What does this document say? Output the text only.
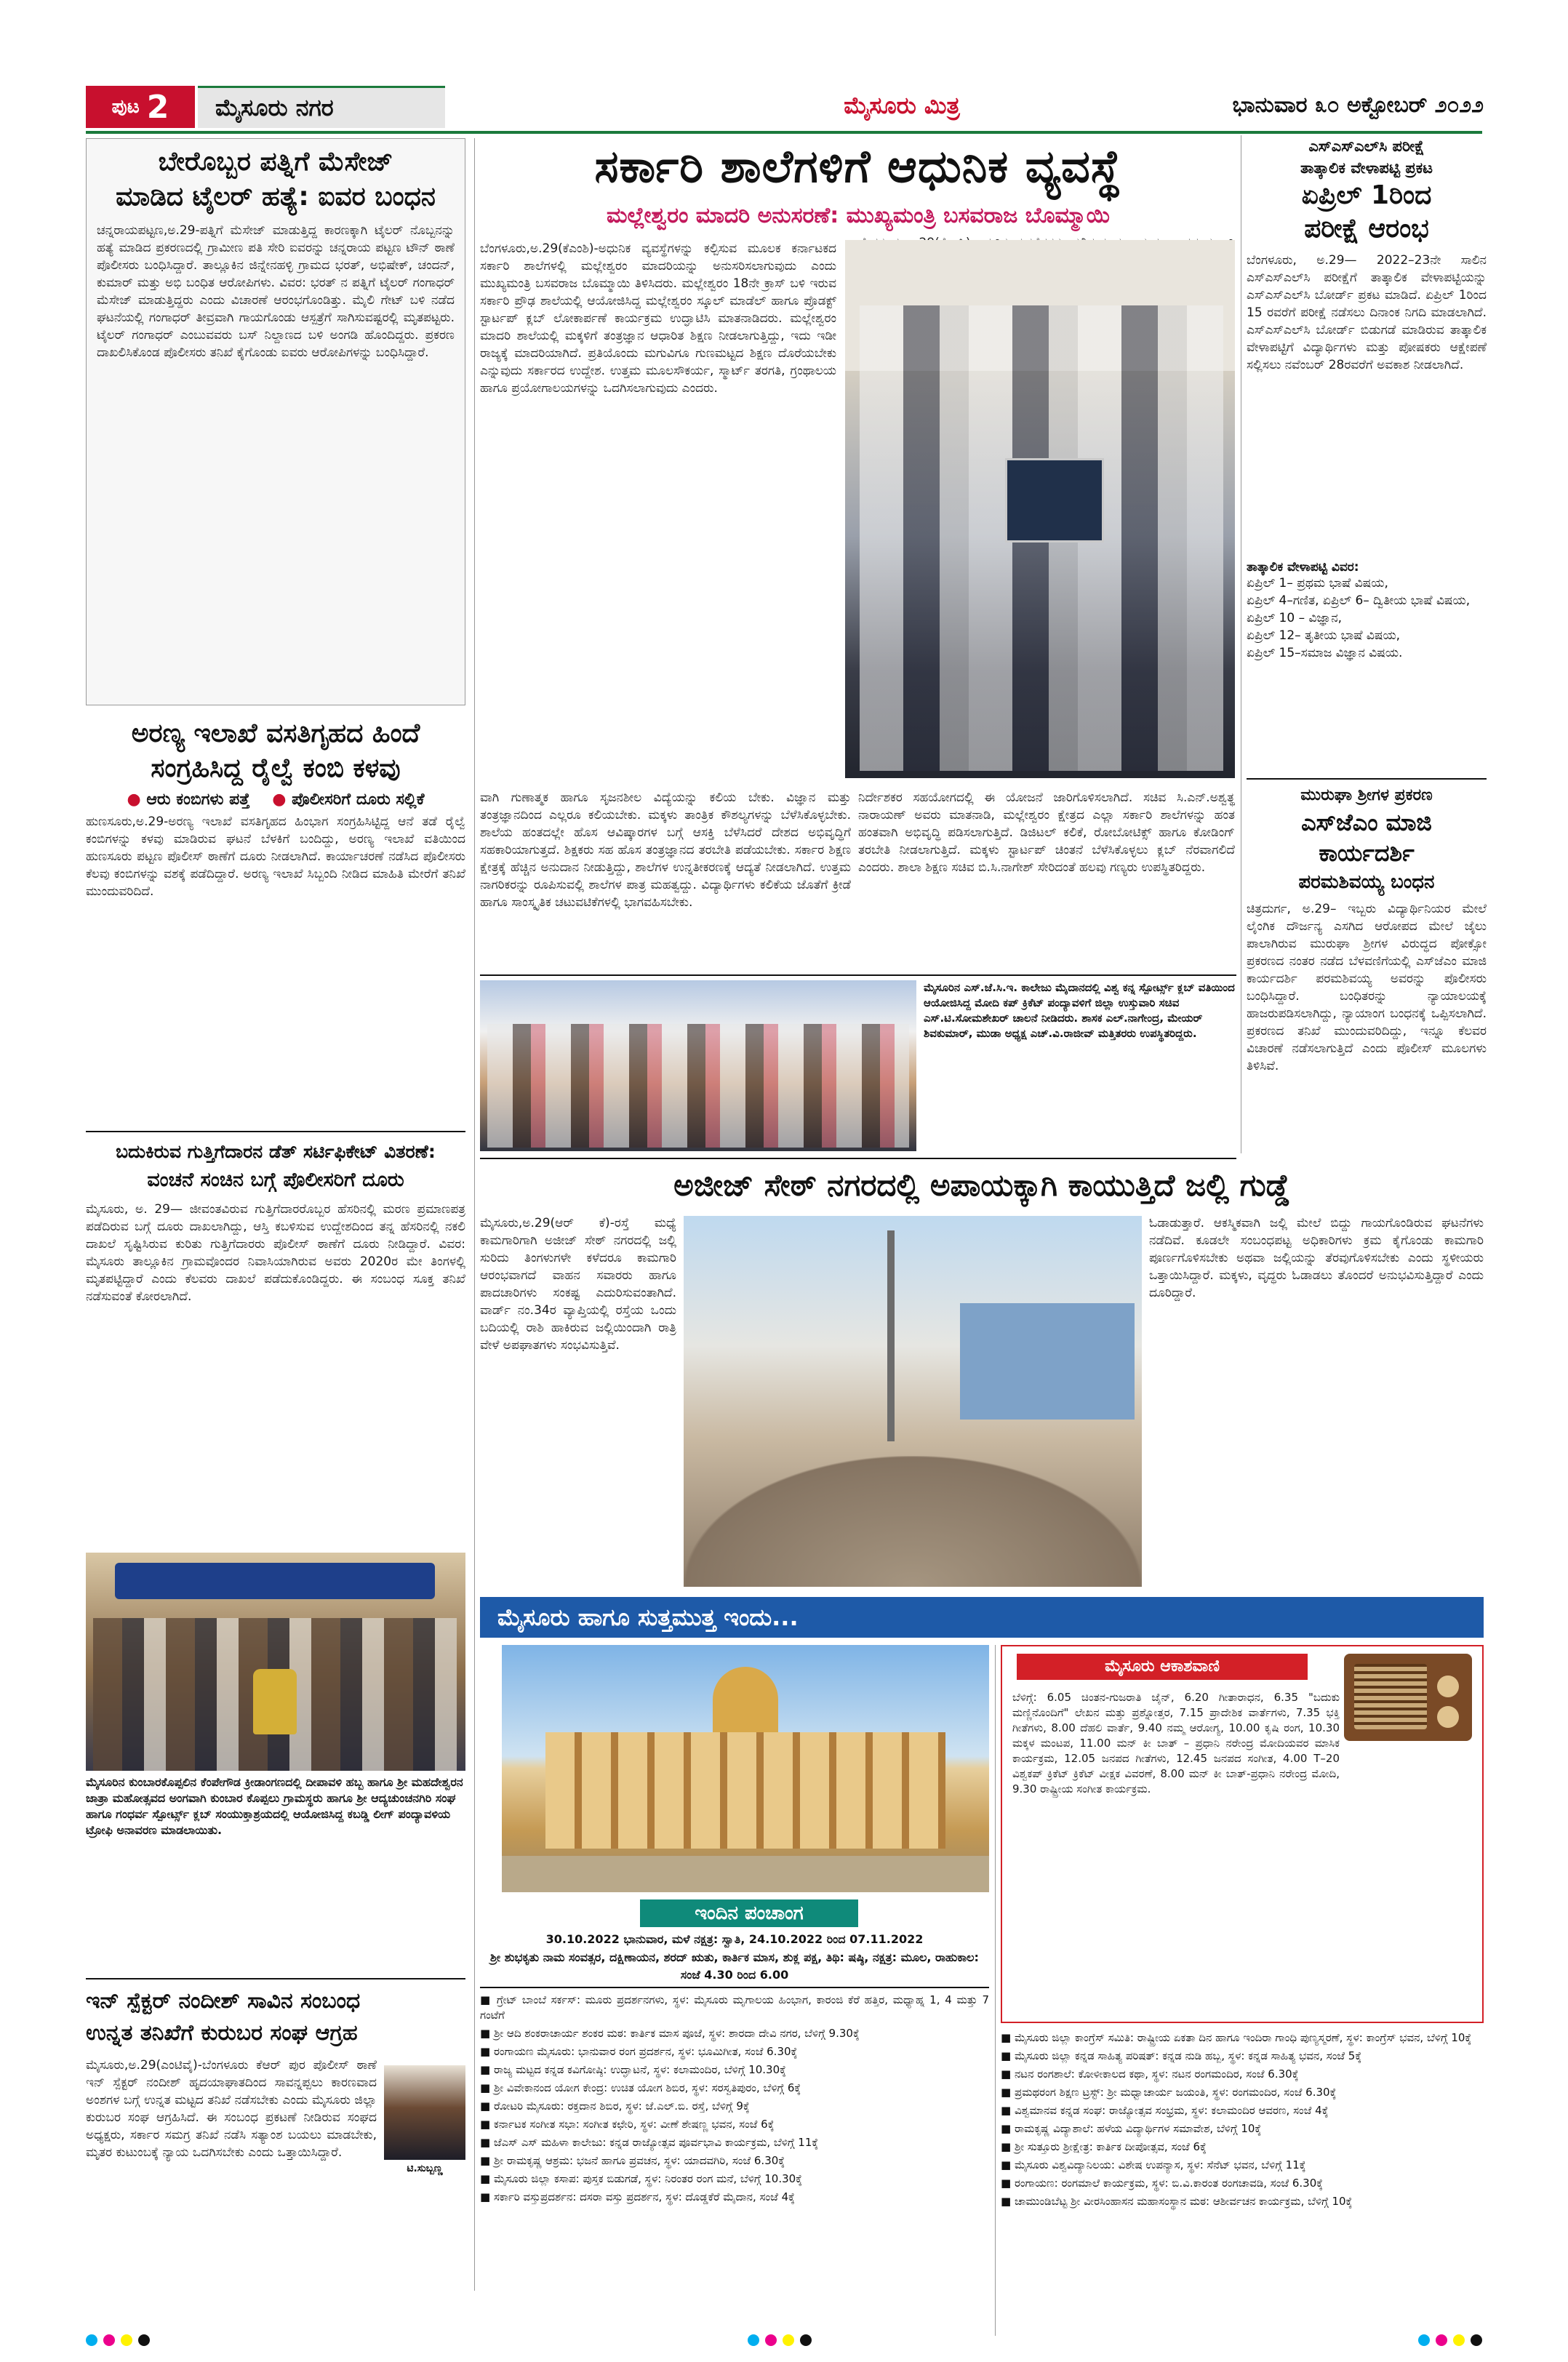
ಪುಟ 2	ಮೈಸೂರು ನಗರ	ಮೈಸೂರು ಮಿತ್ರ	ಭಾನುವಾರ ೩೦ ಅಕ್ಟೋಬರ್ ೨೦೨೨
ಬೇರೊಬ್ಬರ ಪತ್ನಿಗೆ ಮೆಸೇಜ್
ಮಾಡಿದ ಟೈಲರ್ ಹತ್ಯೆ: ಐವರ ಬಂಧನ
ಚನ್ನರಾಯಪಟ್ಟಣ,ಅ.29-ಪತ್ನಿಗೆ ಮೆಸೇಜ್ ಮಾಡುತ್ತಿದ್ದ ಕಾರಣಕ್ಕಾಗಿ ಟೈಲರ್ ನೊಬ್ಬನನ್ನು ಹತ್ಯೆ ಮಾಡಿದ ಪ್ರಕರಣದಲ್ಲಿ ಗ್ರಾಮೀಣ ಪತಿ ಸೇರಿ ಐವರನ್ನು ಚನ್ನರಾಯ ಪಟ್ಟಣ ಟೌನ್ ಠಾಣೆ ಪೊಲೀಸರು ಬಂಧಿಸಿದ್ದಾರೆ. ತಾಲ್ಲೂಕಿನ ಜಿನ್ನೇನಹಳ್ಳಿ ಗ್ರಾಮದ ಭರತ್, ಅಭಿಷೇಕ್, ಚಂದನ್, ಕುಮಾರ್ ಮತ್ತು ಅಭಿ ಬಂಧಿತ ಆರೋಪಿಗಳು. ವಿವರ: ಭರತ್ ನ ಪತ್ನಿಗೆ ಟೈಲರ್ ಗಂಗಾಧರ್ ಮೆಸೇಜ್ ಮಾಡುತ್ತಿದ್ದರು ಎಂದು ವಿಚಾರಣೆ ಆರಂಭಗೊಂಡಿತ್ತು. ಮೈಲಿ ಗೇಟ್ ಬಳಿ ನಡೆದ ಘಟನೆಯಲ್ಲಿ ಗಂಗಾಧರ್ ತೀವ್ರವಾಗಿ ಗಾಯಗೊಂಡು ಆಸ್ಪತ್ರೆಗೆ ಸಾಗಿಸುವಷ್ಟರಲ್ಲಿ ಮೃತಪಟ್ಟರು. ಟೈಲರ್ ಗಂಗಾಧರ್ ಎಂಬುವವರು ಬಸ್ ನಿಲ್ದಾಣದ ಬಳಿ ಅಂಗಡಿ ಹೊಂದಿದ್ದರು. ಪ್ರಕರಣ ದಾಖಲಿಸಿಕೊಂಡ ಪೊಲೀಸರು ತನಿಖೆ ಕೈಗೊಂಡು ಐವರು ಆರೋಪಿಗಳನ್ನು ಬಂಧಿಸಿದ್ದಾರೆ.
ಅರಣ್ಯ ಇಲಾಖೆ ವಸತಿಗೃಹದ ಹಿಂದೆ
ಸಂಗ್ರಹಿಸಿದ್ದ ರೈಲ್ವೆ ಕಂಬಿ ಕಳವು
● ಆರು ಕಂಬಿಗಳು ಪತ್ತೆ ● ಪೊಲೀಸರಿಗೆ ದೂರು ಸಲ್ಲಿಕೆ
ಹುಣಸೂರು,ಅ.29-ಅರಣ್ಯ ಇಲಾಖೆ ವಸತಿಗೃಹದ ಹಿಂಭಾಗ ಸಂಗ್ರಹಿಸಿಟ್ಟಿದ್ದ ಆನೆ ತಡೆ ರೈಲ್ವೆ ಕಂಬಿಗಳನ್ನು ಕಳವು ಮಾಡಿರುವ ಘಟನೆ ಬೆಳಕಿಗೆ ಬಂದಿದ್ದು, ಅರಣ್ಯ ಇಲಾಖೆ ವತಿಯಿಂದ ಹುಣಸೂರು ಪಟ್ಟಣ ಪೊಲೀಸ್ ಠಾಣೆಗೆ ದೂರು ನೀಡಲಾಗಿದೆ. ಕಾರ್ಯಾಚರಣೆ ನಡೆಸಿದ ಪೊಲೀಸರು ಕೆಲವು ಕಂಬಿಗಳನ್ನು ವಶಕ್ಕೆ ಪಡೆದಿದ್ದಾರೆ. ಅರಣ್ಯ ಇಲಾಖೆ ಸಿಬ್ಬಂದಿ ನೀಡಿದ ಮಾಹಿತಿ ಮೇರೆಗೆ ತನಿಖೆ ಮುಂದುವರಿದಿದೆ.
ಬದುಕಿರುವ ಗುತ್ತಿಗೆದಾರನ ಡೆತ್ ಸರ್ಟಿಫಿಕೇಟ್ ವಿತರಣೆ:
ವಂಚನೆ ಸಂಚಿನ ಬಗ್ಗೆ ಪೊಲೀಸರಿಗೆ ದೂರು
ಮೈಸೂರು, ಅ. 29— ಜೀವಂತವಿರುವ ಗುತ್ತಿಗೆದಾರರೊಬ್ಬರ ಹೆಸರಿನಲ್ಲಿ ಮರಣ ಪ್ರಮಾಣಪತ್ರ ಪಡೆದಿರುವ ಬಗ್ಗೆ ದೂರು ದಾಖಲಾಗಿದ್ದು, ಆಸ್ತಿ ಕಬಳಿಸುವ ಉದ್ದೇಶದಿಂದ ತನ್ನ ಹೆಸರಿನಲ್ಲಿ ನಕಲಿ ದಾಖಲೆ ಸೃಷ್ಟಿಸಿರುವ ಕುರಿತು ಗುತ್ತಿಗೆದಾರರು ಪೊಲೀಸ್ ಠಾಣೆಗೆ ದೂರು ನೀಡಿದ್ದಾರೆ. ವಿವರ: ಮೈಸೂರು ತಾಲ್ಲೂಕಿನ ಗ್ರಾಮವೊಂದರ ನಿವಾಸಿಯಾಗಿರುವ ಅವರು 2020ರ ಮೇ ತಿಂಗಳಲ್ಲಿ ಮೃತಪಟ್ಟಿದ್ದಾರೆ ಎಂದು ಕೆಲವರು ದಾಖಲೆ ಪಡೆದುಕೊಂಡಿದ್ದರು. ಈ ಸಂಬಂಧ ಸೂಕ್ತ ತನಿಖೆ ನಡೆಸುವಂತೆ ಕೋರಲಾಗಿದೆ.
ಮೈಸೂರಿನ ಕುಂಬಾರಕೊಪ್ಪಲಿನ ಕೆಂಪೇಗೌಡ ಕ್ರೀಡಾಂಗಣದಲ್ಲಿ ದೀಪಾವಳಿ ಹಬ್ಬ ಹಾಗೂ ಶ್ರೀ ಮಹದೇಶ್ವರನ ಜಾತ್ರಾ ಮಹೋತ್ಸವದ ಅಂಗವಾಗಿ ಕುಂಬಾರ ಕೊಪ್ಪಲು ಗ್ರಾಮಸ್ಥರು ಹಾಗೂ ಶ್ರೀ ಆದ್ಯಚುಂಚನಗಿರಿ ಸಂಘ ಹಾಗೂ ಗಂಧರ್ವ ಸ್ಪೋರ್ಟ್ಸ್ ಕ್ಲಬ್ ಸಂಯುಕ್ತಾಶ್ರಯದಲ್ಲಿ ಆಯೋಜಿಸಿದ್ದ ಕಬಡ್ಡಿ ಲೀಗ್ ಪಂದ್ಯಾವಳಿಯ ಟ್ರೋಫಿ ಅನಾವರಣ ಮಾಡಲಾಯಿತು.
ಇನ್ ಸ್ಪೆಕ್ಟರ್ ನಂದೀಶ್ ಸಾವಿನ ಸಂಬಂಧ
ಉನ್ನತ ತನಿಖೆಗೆ ಕುರುಬರ ಸಂಘ ಆಗ್ರಹ
ಮೈಸೂರು,ಅ.29(ಎಂಟಿವೈ)-ಬೆಂಗಳೂರು ಕೆಆರ್ ಪುರ ಪೊಲೀಸ್ ಠಾಣೆ ಇನ್ ಸ್ಪೆಕ್ಟರ್ ನಂದೀಶ್ ಹೃದಯಾಘಾತದಿಂದ ಸಾವನ್ನಪ್ಪಲು ಕಾರಣವಾದ ಅಂಶಗಳ ಬಗ್ಗೆ ಉನ್ನತ ಮಟ್ಟದ ತನಿಖೆ ನಡೆಸಬೇಕು ಎಂದು ಮೈಸೂರು ಜಿಲ್ಲಾ ಕುರುಬರ ಸಂಘ ಆಗ್ರಹಿಸಿದೆ. ಈ ಸಂಬಂಧ ಪ್ರಕಟಣೆ ನೀಡಿರುವ ಸಂಘದ ಅಧ್ಯಕ್ಷರು, ಸರ್ಕಾರ ಸಮಗ್ರ ತನಿಖೆ ನಡೆಸಿ ಸತ್ಯಾಂಶ ಬಯಲು ಮಾಡಬೇಕು, ಮೃತರ ಕುಟುಂಬಕ್ಕೆ ನ್ಯಾಯ ಒದಗಿಸಬೇಕು ಎಂದು ಒತ್ತಾಯಿಸಿದ್ದಾರೆ.
ಟಿ.ಸುಬ್ಬಣ್ಣ
ಸರ್ಕಾರಿ ಶಾಲೆಗಳಿಗೆ ಆಧುನಿಕ ವ್ಯವಸ್ಥೆ
ಮಲ್ಲೇಶ್ವರಂ ಮಾದರಿ ಅನುಸರಣೆ: ಮುಖ್ಯಮಂತ್ರಿ ಬಸವರಾಜ ಬೊಮ್ಮಾಯಿ
ವಾಗಿ ಗುಣಾತ್ಮಕ ಹಾಗೂ ಸೃಜನಶೀಲ ವಿದ್ಯೆಯನ್ನು ಕಲಿಯ ಬೇಕು. ವಿಜ್ಞಾನ ಮತ್ತು ತಂತ್ರಜ್ಞಾನದಿಂದ ಎಲ್ಲರೂ ಕಲಿಯಬೇಕು. ಮಕ್ಕಳು ತಾಂತ್ರಿಕ ಕೌಶಲ್ಯಗಳನ್ನು ಬೆಳೆಸಿಕೊಳ್ಳಬೇಕು. ಶಾಲೆಯ ಹಂತದಲ್ಲೇ ಹೊಸ ಆವಿಷ್ಕಾರಗಳ ಬಗ್ಗೆ ಆಸಕ್ತಿ ಬೆಳೆಸಿದರೆ ದೇಶದ ಅಭಿವೃದ್ಧಿಗೆ ಸಹಕಾರಿಯಾಗುತ್ತದೆ. ಶಿಕ್ಷಕರು ಸಹ ಹೊಸ ತಂತ್ರಜ್ಞಾನದ ತರಬೇತಿ ಪಡೆಯಬೇಕು. ಸರ್ಕಾರ ಶಿಕ್ಷಣ ಕ್ಷೇತ್ರಕ್ಕೆ ಹೆಚ್ಚಿನ ಅನುದಾನ ನೀಡುತ್ತಿದ್ದು, ಶಾಲೆಗಳ ಉನ್ನತೀಕರಣಕ್ಕೆ ಆದ್ಯತೆ ನೀಡಲಾಗಿದೆ. ಉತ್ತಮ ನಾಗರಿಕರನ್ನು ರೂಪಿಸುವಲ್ಲಿ ಶಾಲೆಗಳ ಪಾತ್ರ ಮಹತ್ವದ್ದು. ವಿದ್ಯಾರ್ಥಿಗಳು ಕಲಿಕೆಯ ಜೊತೆಗೆ ಕ್ರೀಡೆ ಹಾಗೂ ಸಾಂಸ್ಕೃತಿಕ ಚಟುವಟಿಕೆಗಳಲ್ಲಿ ಭಾಗವಹಿಸಬೇಕು.
ನಿರ್ದೇಶಕರ ಸಹಯೋಗದಲ್ಲಿ ಈ ಯೋಜನೆ ಜಾರಿಗೊಳಿಸಲಾಗಿದೆ. ಸಚಿವ ಸಿ.ಎನ್.ಅಶ್ವತ್ಥ ನಾರಾಯಣ್ ಅವರು ಮಾತನಾಡಿ, ಮಲ್ಲೇಶ್ವರಂ ಕ್ಷೇತ್ರದ ಎಲ್ಲಾ ಸರ್ಕಾರಿ ಶಾಲೆಗಳನ್ನು ಹಂತ ಹಂತವಾಗಿ ಅಭಿವೃದ್ಧಿ ಪಡಿಸಲಾಗುತ್ತಿದೆ. ಡಿಜಿಟಲ್ ಕಲಿಕೆ, ರೋಬೋಟಿಕ್ಸ್ ಹಾಗೂ ಕೋಡಿಂಗ್ ತರಬೇತಿ ನೀಡಲಾಗುತ್ತಿದೆ. ಮಕ್ಕಳು ಸ್ಟಾರ್ಟಪ್ ಚಿಂತನೆ ಬೆಳೆಸಿಕೊಳ್ಳಲು ಕ್ಲಬ್ ನೆರವಾಗಲಿದೆ ಎಂದರು. ಶಾಲಾ ಶಿಕ್ಷಣ ಸಚಿವ ಬಿ.ಸಿ.ನಾಗೇಶ್ ಸೇರಿದಂತೆ ಹಲವು ಗಣ್ಯರು ಉಪಸ್ಥಿತರಿದ್ದರು.
ಬೆಂಗಳೂರು,ಅ.29(ಕೆಎಂಶಿ)-ಅಧುನಿಕ ವ್ಯವಸ್ಥೆಗಳನ್ನು ಕಲ್ಪಿಸುವ ಮೂಲಕ ಕರ್ನಾಟಕದ ಸರ್ಕಾರಿ ಶಾಲೆಗಳಲ್ಲಿ ಮಲ್ಲೇಶ್ವರಂ ಮಾದರಿಯನ್ನು ಅನುಸರಿಸಲಾಗುವುದು ಎಂದು ಮುಖ್ಯಮಂತ್ರಿ ಬಸವರಾಜ ಬೊಮ್ಮಾಯಿ ತಿಳಿಸಿದರು. ಮಲ್ಲೇಶ್ವರಂ 18ನೇ ಕ್ರಾಸ್ ಬಳಿ ಇರುವ ಸರ್ಕಾರಿ ಪ್ರೌಢ ಶಾಲೆಯಲ್ಲಿ ಆಯೋಜಿಸಿದ್ದ ಮಲ್ಲೇಶ್ವರಂ ಸ್ಕೂಲ್ ಮಾಡೆಲ್ ಹಾಗೂ ಪ್ರೊಡಕ್ಟ್ ಸ್ಟಾರ್ಟಪ್ ಕ್ಲಬ್ ಲೋಕಾರ್ಪಣೆ ಕಾರ್ಯಕ್ರಮ ಉದ್ಘಾಟಿಸಿ ಮಾತನಾಡಿದರು. ಮಲ್ಲೇಶ್ವರಂ ಮಾದರಿ ಶಾಲೆಯಲ್ಲಿ ಮಕ್ಕಳಿಗೆ ತಂತ್ರಜ್ಞಾನ ಆಧಾರಿತ ಶಿಕ್ಷಣ ನೀಡಲಾಗುತ್ತಿದ್ದು, ಇದು ಇಡೀ ರಾಜ್ಯಕ್ಕೆ ಮಾದರಿಯಾಗಿದೆ. ಪ್ರತಿಯೊಂದು ಮಗುವಿಗೂ ಗುಣಮಟ್ಟದ ಶಿಕ್ಷಣ ದೊರೆಯಬೇಕು ಎನ್ನುವುದು ಸರ್ಕಾರದ ಉದ್ದೇಶ. ಉತ್ತಮ ಮೂಲಸೌಕರ್ಯ, ಸ್ಮಾರ್ಟ್ ತರಗತಿ, ಗ್ರಂಥಾಲಯ ಹಾಗೂ ಪ್ರಯೋಗಾಲಯಗಳನ್ನು ಒದಗಿಸಲಾಗುವುದು ಎಂದರು.
ಮೈಸೂರಿನ ಎಸ್.ಜೆ.ಸಿ.ಇ. ಕಾಲೇಜು ಮೈದಾನದಲ್ಲಿ ವಿಶ್ವ ಕನ್ನ ಸ್ಪೋರ್ಟ್ಸ್ ಕ್ಲಬ್ ವತಿಯಿಂದ ಆಯೋಜಿಸಿದ್ದ ಮೋದಿ ಕಪ್ ಕ್ರಿಕೆಟ್ ಪಂದ್ಯಾವಳಿಗೆ ಜಿಲ್ಲಾ ಉಸ್ತುವಾರಿ ಸಚಿವ ಎಸ್.ಟಿ.ಸೋಮಶೇಖರ್ ಚಾಲನೆ ನೀಡಿದರು. ಶಾಸಕ ಎಲ್.ನಾಗೇಂದ್ರ, ಮೇಯರ್ ಶಿವಕುಮಾರ್, ಮುಡಾ ಅಧ್ಯಕ್ಷ ಎಚ್.ವಿ.ರಾಜೀವ್ ಮತ್ತಿತರರು ಉಪಸ್ಥಿತರಿದ್ದರು.
ಅಜೀಜ್ ಸೇಠ್ ನಗರದಲ್ಲಿ ಅಪಾಯಕ್ಕಾಗಿ ಕಾಯುತ್ತಿದೆ ಜಲ್ಲಿ ಗುಡ್ಡೆ
ಮೈಸೂರು,ಅ.29(ಆರ್ ಕೆ)-ರಸ್ತೆ ಮಧ್ಯೆ ಕಾಮಗಾರಿಗಾಗಿ ಅಜೀಜ್ ಸೇಠ್ ನಗರದಲ್ಲಿ ಜಲ್ಲಿ ಸುರಿದು ತಿಂಗಳುಗಳೇ ಕಳೆದರೂ ಕಾಮಗಾರಿ ಆರಂಭವಾಗದೆ ವಾಹನ ಸವಾರರು ಹಾಗೂ ಪಾದಚಾರಿಗಳು ಸಂಕಷ್ಟ ಎದುರಿಸುವಂತಾಗಿದೆ. ವಾರ್ಡ್ ನಂ.34ರ ವ್ಯಾಪ್ತಿಯಲ್ಲಿ ರಸ್ತೆಯ ಒಂದು ಬದಿಯಲ್ಲಿ ರಾಶಿ ಹಾಕಿರುವ ಜಲ್ಲಿಯಿಂದಾಗಿ ರಾತ್ರಿ ವೇಳೆ ಅಪಘಾತಗಳು ಸಂಭವಿಸುತ್ತಿವೆ.
ಓಡಾಡುತ್ತಾರೆ. ಆಕಸ್ಮಿಕವಾಗಿ ಜಲ್ಲಿ ಮೇಲೆ ಬಿದ್ದು ಗಾಯಗೊಂಡಿರುವ ಘಟನೆಗಳು ನಡೆದಿವೆ. ಕೂಡಲೇ ಸಂಬಂಧಪಟ್ಟ ಅಧಿಕಾರಿಗಳು ಕ್ರಮ ಕೈಗೊಂಡು ಕಾಮಗಾರಿ ಪೂರ್ಣಗೊಳಿಸಬೇಕು ಅಥವಾ ಜಲ್ಲಿಯನ್ನು ತೆರವುಗೊಳಿಸಬೇಕು ಎಂದು ಸ್ಥಳೀಯರು ಒತ್ತಾಯಿಸಿದ್ದಾರೆ. ಮಕ್ಕಳು, ವೃದ್ಧರು ಓಡಾಡಲು ತೊಂದರೆ ಅನುಭವಿಸುತ್ತಿದ್ದಾರೆ ಎಂದು ದೂರಿದ್ದಾರೆ.
ಎಸ್ಎಸ್ಎಲ್‌ಸಿ ಪರೀಕ್ಷೆ
ತಾತ್ಕಾಲಿಕ ವೇಳಾಪಟ್ಟಿ ಪ್ರಕಟ
ಏಪ್ರಿಲ್ 1ರಿಂದ
ಪರೀಕ್ಷೆ ಆರಂಭ
ಬೆಂಗಳೂರು, ಅ.29— 2022–23ನೇ ಸಾಲಿನ ಎಸ್ಎಸ್ಎಲ್‌ಸಿ ಪರೀಕ್ಷೆಗೆ ತಾತ್ಕಾಲಿಕ ವೇಳಾಪಟ್ಟಿಯನ್ನು ಎಸ್ಎಸ್ಎಲ್‌ಸಿ ಬೋರ್ಡ್ ಪ್ರಕಟ ಮಾಡಿದೆ. ಏಪ್ರಿಲ್ 1ರಿಂದ 15 ರವರೆಗೆ ಪರೀಕ್ಷೆ ನಡೆಸಲು ದಿನಾಂಕ ನಿಗದಿ ಮಾಡಲಾಗಿದೆ. ಎಸ್ಎಸ್ಎಲ್‌ಸಿ ಬೋರ್ಡ್ ಬಿಡುಗಡೆ ಮಾಡಿರುವ ತಾತ್ಕಾಲಿಕ ವೇಳಾಪಟ್ಟಿಗೆ ವಿದ್ಯಾರ್ಥಿಗಳು ಮತ್ತು ಪೋಷಕರು ಆಕ್ಷೇಪಣೆ ಸಲ್ಲಿಸಲು ನವೆಂಬರ್ 28ರವರೆಗೆ ಅವಕಾಶ ನೀಡಲಾಗಿದೆ.
ತಾತ್ಕಾಲಿಕ ವೇಳಾಪಟ್ಟಿ ವಿವರ:
ಏಪ್ರಿಲ್ 1– ಪ್ರಥಮ ಭಾಷೆ ವಿಷಯ,
ಏಪ್ರಿಲ್ 4–ಗಣಿತ, ಏಪ್ರಿಲ್ 6– ದ್ವಿತೀಯ ಭಾಷೆ ವಿಷಯ,
ಏಪ್ರಿಲ್ 10 – ವಿಜ್ಞಾನ,
ಏಪ್ರಿಲ್ 12– ತೃತೀಯ ಭಾಷೆ ವಿಷಯ,
ಏಪ್ರಿಲ್ 15–ಸಮಾಜ ವಿಜ್ಞಾನ ವಿಷಯ.
ಮುರುಘಾ ಶ್ರೀಗಳ ಪ್ರಕರಣ
ಎಸ್‌ಜೆಎಂ ಮಾಜಿ
ಕಾರ್ಯದರ್ಶಿ
ಪರಮಶಿವಯ್ಯ ಬಂಧನ
ಚಿತ್ರದುರ್ಗ, ಅ.29– ಇಬ್ಬರು ವಿದ್ಯಾರ್ಥಿನಿಯರ ಮೇಲೆ ಲೈಂಗಿಕ ದೌರ್ಜನ್ಯ ಎಸಗಿದ ಆರೋಪದ ಮೇಲೆ ಜೈಲು ಪಾಲಾಗಿರುವ ಮುರುಘಾ ಶ್ರೀಗಳ ವಿರುದ್ಧದ ಪೋಕ್ಸೋ ಪ್ರಕರಣದ ನಂತರ ನಡೆದ ಬೆಳವಣಿಗೆಯಲ್ಲಿ ಎಸ್‌ಜೆಎಂ ಮಾಜಿ ಕಾರ್ಯದರ್ಶಿ ಪರಮಶಿವಯ್ಯ ಅವರನ್ನು ಪೊಲೀಸರು ಬಂಧಿಸಿದ್ದಾರೆ. ಬಂಧಿತರನ್ನು ನ್ಯಾಯಾಲಯಕ್ಕೆ ಹಾಜರುಪಡಿಸಲಾಗಿದ್ದು, ನ್ಯಾಯಾಂಗ ಬಂಧನಕ್ಕೆ ಒಪ್ಪಿಸಲಾಗಿದೆ. ಪ್ರಕರಣದ ತನಿಖೆ ಮುಂದುವರಿದಿದ್ದು, ಇನ್ನೂ ಕೆಲವರ ವಿಚಾರಣೆ ನಡೆಸಲಾಗುತ್ತಿದೆ ಎಂದು ಪೊಲೀಸ್ ಮೂಲಗಳು ತಿಳಿಸಿವೆ.
ಮೈಸೂರು ಹಾಗೂ ಸುತ್ತಮುತ್ತ ಇಂದು...
ಇಂದಿನ ಪಂಚಾಂಗ
30.10.2022 ಭಾನುವಾರ, ಮಳೆ ನಕ್ಷತ್ರ: ಸ್ವಾತಿ, 24.10.2022 ರಿಂದ 07.11.2022
ಶ್ರೀ ಶುಭಕೃತು ನಾಮ ಸಂವತ್ಸರ, ದಕ್ಷಿಣಾಯನ, ಶರದ್ ಋತು, ಕಾರ್ತಿಕ ಮಾಸ, ಶುಕ್ಲ ಪಕ್ಷ, ತಿಥಿ: ಷಷ್ಠಿ, ನಕ್ಷತ್ರ: ಮೂಲ, ರಾಹುಕಾಲ: ಸಂಜೆ 4.30 ರಿಂದ 6.00
■ ಗ್ರೇಟ್ ಬಾಂಬೆ ಸರ್ಕಸ್: ಮೂರು ಪ್ರದರ್ಶನಗಳು, ಸ್ಥಳ: ಮೈಸೂರು ಮೃಗಾಲಯ ಹಿಂಭಾಗ, ಕಾರಂಜಿ ಕೆರೆ ಹತ್ತಿರ, ಮಧ್ಯಾಹ್ನ 1, 4 ಮತ್ತು 7 ಗಂಟೆಗೆ
■ ಶ್ರೀ ಆದಿ ಶಂಕರಾಚಾರ್ಯ ಶಂಕರ ಮಠ: ಕಾರ್ತಿಕ ಮಾಸ ಪೂಜೆ, ಸ್ಥಳ: ಶಾರದಾ ದೇವಿ ನಗರ, ಬೆಳಿಗ್ಗೆ 9.30ಕ್ಕೆ
■ ರಂಗಾಯಣ ಮೈಸೂರು: ಭಾನುವಾರ ರಂಗ ಪ್ರದರ್ಶನ, ಸ್ಥಳ: ಭೂಮಿಗೀತ, ಸಂಜೆ 6.30ಕ್ಕೆ
■ ರಾಜ್ಯ ಮಟ್ಟದ ಕನ್ನಡ ಕವಿಗೋಷ್ಠಿ: ಉದ್ಘಾಟನೆ, ಸ್ಥಳ: ಕಲಾಮಂದಿರ, ಬೆಳಿಗ್ಗೆ 10.30ಕ್ಕೆ
■ ಶ್ರೀ ವಿವೇಕಾನಂದ ಯೋಗ ಕೇಂದ್ರ: ಉಚಿತ ಯೋಗ ಶಿಬಿರ, ಸ್ಥಳ: ಸರಸ್ವತಿಪುರಂ, ಬೆಳಿಗ್ಗೆ 6ಕ್ಕೆ
■ ರೋಟರಿ ಮೈಸೂರು: ರಕ್ತದಾನ ಶಿಬಿರ, ಸ್ಥಳ: ಜೆ.ಎಲ್.ಬಿ. ರಸ್ತೆ, ಬೆಳಿಗ್ಗೆ 9ಕ್ಕೆ
■ ಕರ್ನಾಟಕ ಸಂಗೀತ ಸಭಾ: ಸಂಗೀತ ಕಛೇರಿ, ಸ್ಥಳ: ವೀಣೆ ಶೇಷಣ್ಣ ಭವನ, ಸಂಜೆ 6ಕ್ಕೆ
■ ಜೆಎಸ್ ಎಸ್ ಮಹಿಳಾ ಕಾಲೇಜು: ಕನ್ನಡ ರಾಜ್ಯೋತ್ಸವ ಪೂರ್ವಭಾವಿ ಕಾರ್ಯಕ್ರಮ, ಬೆಳಿಗ್ಗೆ 11ಕ್ಕೆ
■ ಶ್ರೀ ರಾಮಕೃಷ್ಣ ಆಶ್ರಮ: ಭಜನೆ ಹಾಗೂ ಪ್ರವಚನ, ಸ್ಥಳ: ಯಾದವಗಿರಿ, ಸಂಜೆ 6.30ಕ್ಕೆ
■ ಮೈಸೂರು ಜಿಲ್ಲಾ ಕಸಾಪ: ಪುಸ್ತಕ ಬಿಡುಗಡೆ, ಸ್ಥಳ: ನಿರಂತರ ರಂಗ ಮನೆ, ಬೆಳಿಗ್ಗೆ 10.30ಕ್ಕೆ
■ ಸರ್ಕಾರಿ ವಸ್ತುಪ್ರದರ್ಶನ: ದಸರಾ ವಸ್ತು ಪ್ರದರ್ಶನ, ಸ್ಥಳ: ದೊಡ್ಡಕೆರೆ ಮೈದಾನ, ಸಂಜೆ 4ಕ್ಕೆ
ಮೈಸೂರು ಆಕಾಶವಾಣಿ
ಬೆಳಿಗ್ಗೆ: 6.05 ಚಿಂತನ-ಗುಜರಾತಿ ಜೈನ್, 6.20 ಗೀತಾರಾಧನ, 6.35 "ಬದುಕು ಮಣ್ಣಿನೊಂದಿಗೆ" ಲೇಖನ ಮತ್ತು ಪ್ರಶ್ನೋತ್ತರ, 7.15 ಪ್ರಾದೇಶಿಕ ವಾರ್ತೆಗಳು, 7.35 ಭಕ್ತಿ ಗೀತೆಗಳು, 8.00 ದೆಹಲಿ ವಾರ್ತೆ, 9.40 ನಮ್ಮ ಆರೋಗ್ಯ, 10.00 ಕೃಷಿ ರಂಗ, 10.30 ಮಕ್ಕಳ ಮಂಟಪ, 11.00 ಮನ್ ಕೀ ಬಾತ್ – ಪ್ರಧಾನಿ ನರೇಂದ್ರ ಮೋದಿಯವರ ಮಾಸಿಕ ಕಾರ್ಯಕ್ರಮ, 12.05 ಜನಪದ ಗೀತೆಗಳು, 12.45 ಜನಪದ ಸಂಗೀತ, 4.00 T–20 ವಿಶ್ವಕಪ್ ಕ್ರಿಕೆಟ್ ಕ್ರಿಕೆಟ್ ವೀಕ್ಷಕ ವಿವರಣೆ, 8.00 ಮನ್ ಕೀ ಬಾತ್-ಪ್ರಧಾನಿ ನರೇಂದ್ರ ಮೋದಿ, 9.30 ರಾಷ್ಟ್ರೀಯ ಸಂಗೀತ ಕಾರ್ಯಕ್ರಮ.
■ ಮೈಸೂರು ಜಿಲ್ಲಾ ಕಾಂಗ್ರೆಸ್ ಸಮಿತಿ: ರಾಷ್ಟ್ರೀಯ ಏಕತಾ ದಿನ ಹಾಗೂ ಇಂದಿರಾ ಗಾಂಧಿ ಪುಣ್ಯಸ್ಮರಣೆ, ಸ್ಥಳ: ಕಾಂಗ್ರೆಸ್ ಭವನ, ಬೆಳಿಗ್ಗೆ 10ಕ್ಕೆ
■ ಮೈಸೂರು ಜಿಲ್ಲಾ ಕನ್ನಡ ಸಾಹಿತ್ಯ ಪರಿಷತ್: ಕನ್ನಡ ನುಡಿ ಹಬ್ಬ, ಸ್ಥಳ: ಕನ್ನಡ ಸಾಹಿತ್ಯ ಭವನ, ಸಂಜೆ 5ಕ್ಕೆ
■ ನಟನ ರಂಗಶಾಲೆ: ಕೋಳೀಕಾಲದ ಕಥಾ, ಸ್ಥಳ: ನಟನ ರಂಗಮಂದಿರ, ಸಂಜೆ 6.30ಕ್ಕೆ
■ ಪ್ರಮಥರಂಗ ಶಿಕ್ಷಣ ಟ್ರಸ್ಟ್: ಶ್ರೀ ಮಧ್ವಾಚಾರ್ಯ ಜಯಂತಿ, ಸ್ಥಳ: ರಂಗಮಂದಿರ, ಸಂಜೆ 6.30ಕ್ಕೆ
■ ವಿಶ್ವಮಾನವ ಕನ್ನಡ ಸಂಘ: ರಾಜ್ಯೋತ್ಸವ ಸಂಭ್ರಮ, ಸ್ಥಳ: ಕಲಾಮಂದಿರ ಆವರಣ, ಸಂಜೆ 4ಕ್ಕೆ
■ ರಾಮಕೃಷ್ಣ ವಿದ್ಯಾಶಾಲೆ: ಹಳೆಯ ವಿದ್ಯಾರ್ಥಿಗಳ ಸಮಾವೇಶ, ಬೆಳಿಗ್ಗೆ 10ಕ್ಕೆ
■ ಶ್ರೀ ಸುತ್ತೂರು ಶ್ರೀಕ್ಷೇತ್ರ: ಕಾರ್ತಿಕ ದೀಪೋತ್ಸವ, ಸಂಜೆ 6ಕ್ಕೆ
■ ಮೈಸೂರು ವಿಶ್ವವಿದ್ಯಾನಿಲಯ: ವಿಶೇಷ ಉಪನ್ಯಾಸ, ಸ್ಥಳ: ಸೆನೆಟ್ ಭವನ, ಬೆಳಿಗ್ಗೆ 11ಕ್ಕೆ
■ ರಂಗಾಯಣ: ರಂಗಮಾಲೆ ಕಾರ್ಯಕ್ರಮ, ಸ್ಥಳ: ಬಿ.ವಿ.ಕಾರಂತ ರಂಗಚಾವಡಿ, ಸಂಜೆ 6.30ಕ್ಕೆ
■ ಚಾಮುಂಡಿಬೆಟ್ಟ ಶ್ರೀ ವೀರಸಿಂಹಾಸನ ಮಹಾಸಂಸ್ಥಾನ ಮಠ: ಆಶೀರ್ವಚನ ಕಾರ್ಯಕ್ರಮ, ಬೆಳಿಗ್ಗೆ 10ಕ್ಕೆ
